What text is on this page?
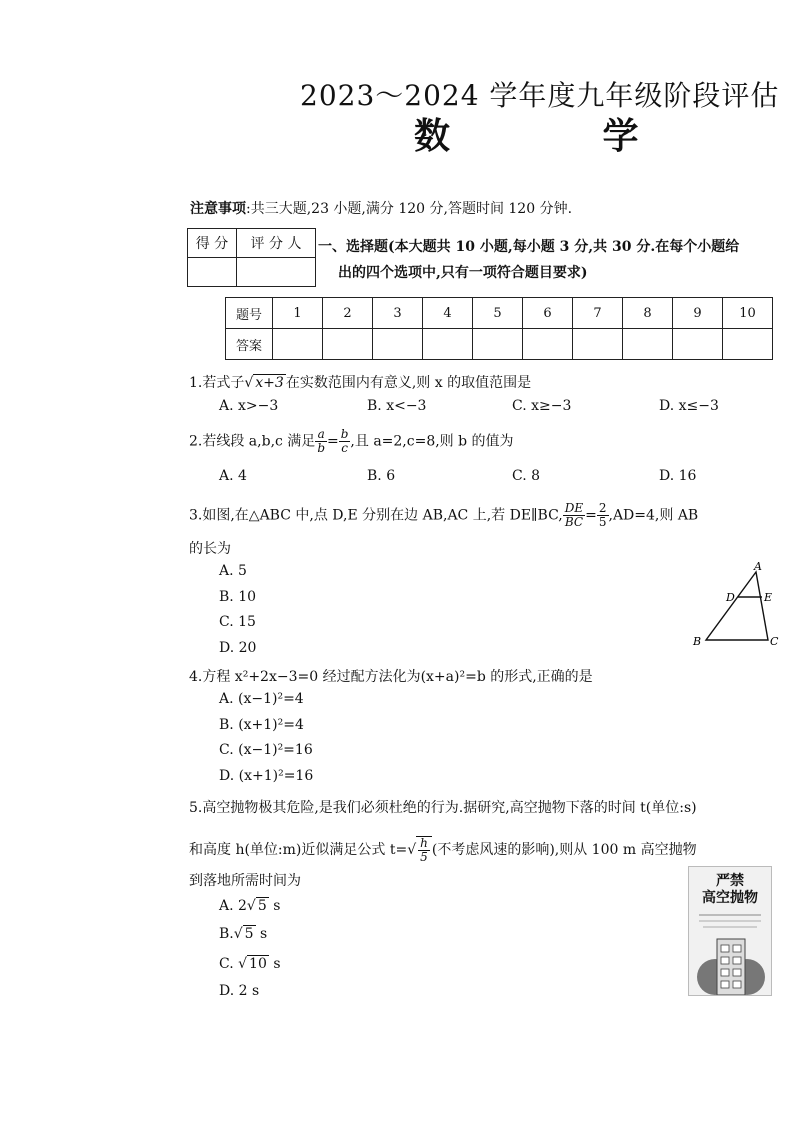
2023～2024 学年度九年级阶段评估
数 学
注意事项:共三大题,23 小题,满分 120 分,答题时间 120 分钟.
得 分	评 分 人
	一、选择题(本大题共 10 小题,每小题 3 分,共 30 分.在每个小题给
出的四个选项中,只有一项符合题目要求)
题号	1	2	3	4	5	6	7	8	9	10
答案										
1.若式子√ x+3 在实数范围内有意义,则 x 的取值范围是
A. x>−3	B. x<−3	C. x≥−3	D. x≤−3
2.若线段 a,b,c 满足 $\frac{a}{b} = \frac{b}{c}$ ,且 a=2,c=8,则 b 的值为
A. 4	B. 6	C. 8	D. 16
3.如图,在△ABC 中,点 D,E 分别在边 AB,AC 上,若 DE∥BC, $\frac{DE}{BC} = \frac{2}{5} ,AD=4$,则 AB
的长为
A. 5
B. 10
C. 15
D. 20
A
D	E
B	C
4.方程 x²+2x−3=0 经过配方法化为(x+a)²=b 的形式,正确的是
A. (x−1)²=4
B. (x+1)²=4
C. (x−1)²=16
D. (x+1)²=16
5.高空抛物极其危险,是我们必须杜绝的行为.据研究,高空抛物下落的时间 t(单位:s)
和高度 h(单位:m)近似满足公式 $t=√ \frac{h}{5}$ (不考虑风速的影响),则从 100 m 高空抛物
到落地所需时间为
A. 2√ 5 s
B.√ 5 s
C. √ 10 s
D. 2 s
严禁
高空抛物
